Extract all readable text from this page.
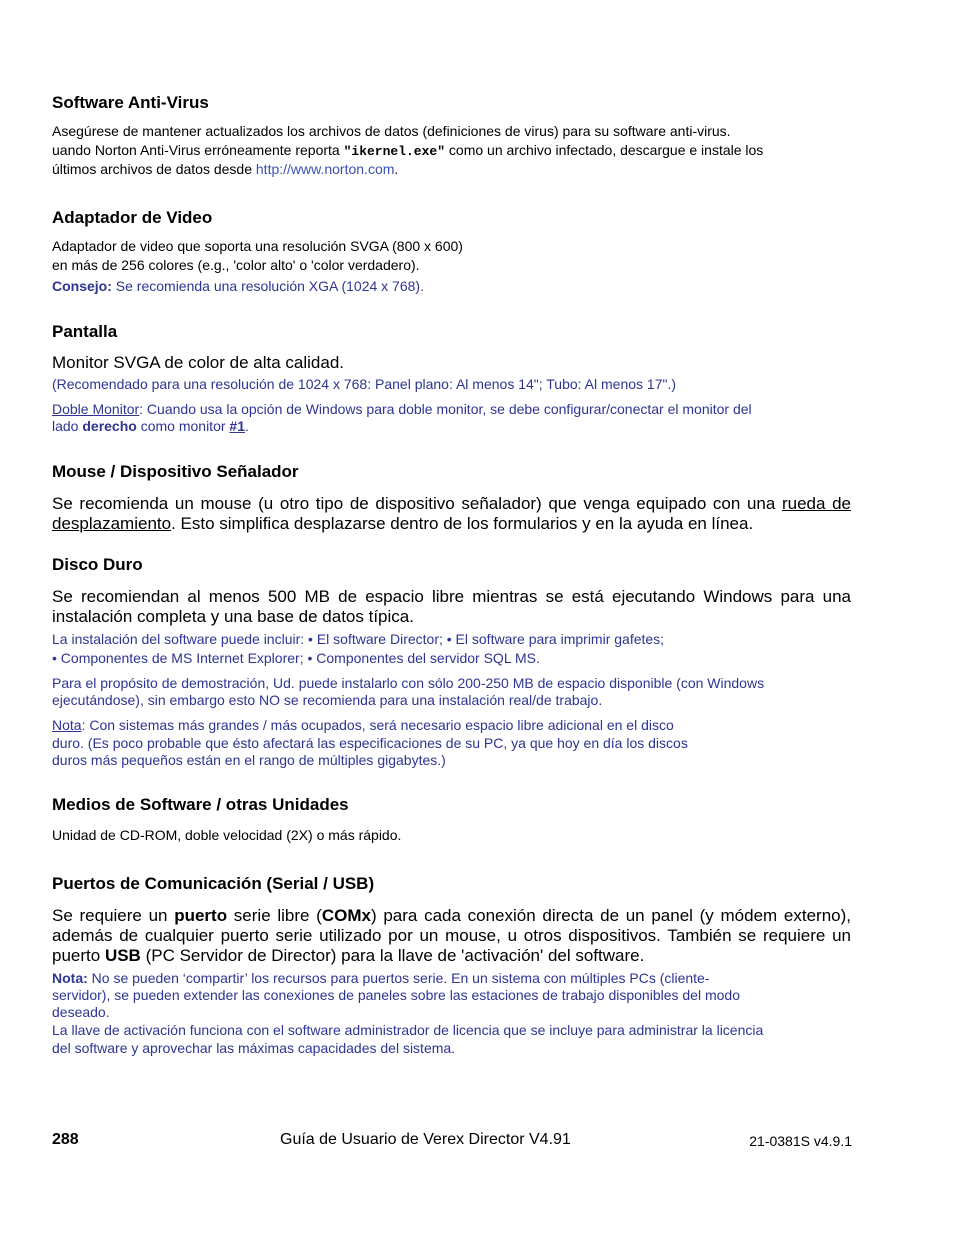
Software Anti-Virus

Asegúrese de mantener actualizados los archivos de datos (definiciones de virus) para su software anti-virus.

uando Norton Anti-Virus erróneamente reporta "ikernel.exe" como un archivo infectado, descargue e instale los

últimos archivos de datos desde http://www.norton.com.

Adaptador de Video

Adaptador de video que soporta una resolución SVGA (800 x 600)

en más de 256 colores (e.g., 'color alto' o 'color verdadero).

Consejo: Se recomienda una resolución XGA (1024 x 768).

Pantalla

Monitor SVGA de color de alta calidad.

(Recomendado para una resolución de 1024 x 768: Panel plano: Al menos 14"; Tubo: Al menos 17".)

Doble Monitor: Cuando usa la opción de Windows para doble monitor, se debe configurar/conectar el monitor del

lado derecho como monitor #1.

Mouse / Dispositivo Señalador

Se recomienda un mouse (u otro tipo de dispositivo señalador) que venga equipado con una rueda de desplazamiento. Esto simplifica desplazarse dentro de los formularios y en la ayuda en línea.

Disco Duro

Se recomiendan al menos 500 MB de espacio libre mientras se está ejecutando Windows para una instalación completa y una base de datos típica.

La instalación del software puede incluir: • El software Director; • El software para imprimir gafetes;

• Componentes de MS Internet Explorer; • Componentes del servidor SQL MS.

Para el propósito de demostración, Ud. puede instalarlo con sólo 200-250 MB de espacio disponible (con Windows

ejecutándose), sin embargo esto NO se recomienda para una instalación real/de trabajo.

Nota: Con sistemas más grandes / más ocupados, será necesario espacio libre adicional en el disco

duro. (Es poco probable que ésto afectará las especificaciones de su PC, ya que hoy en día los discos

duros más pequeños están en el rango de múltiples gigabytes.)

Medios de Software / otras Unidades

Unidad de CD-ROM, doble velocidad (2X) o más rápido.

Puertos de Comunicación (Serial / USB)

Se requiere un puerto serie libre (COMx) para cada conexión directa de un panel (y módem externo), además de cualquier puerto serie utilizado por un mouse, u otros dispositivos. También se requiere un puerto USB (PC Servidor de Director) para la llave de 'activación' del software.

Nota: No se pueden ‘compartir’ los recursos para puertos serie. En un sistema con múltiples PCs (cliente-

servidor), se pueden extender las conexiones de paneles sobre las estaciones de trabajo disponibles del modo

deseado.

La llave de activación funciona con el software administrador de licencia que se incluye para administrar la licencia

del software y aprovechar las máximas capacidades del sistema.

288	Guía de Usuario de Verex Director V4.91	21-0381S v4.9.1
